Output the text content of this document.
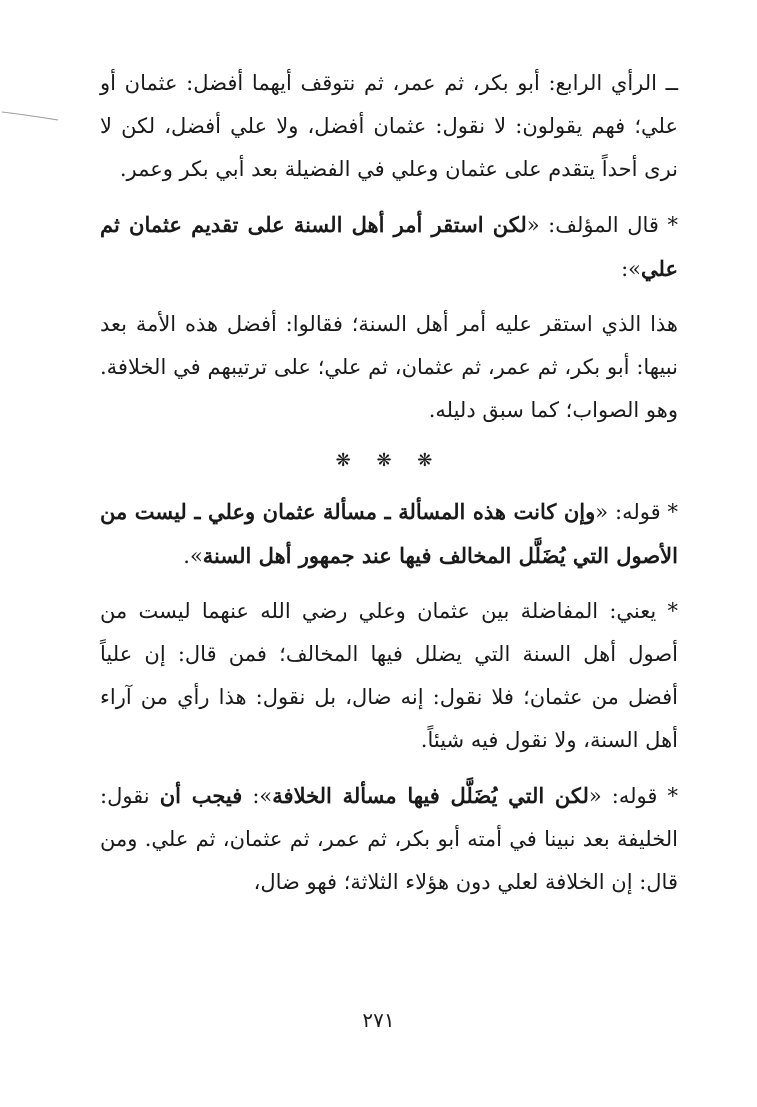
ــ الرأي الرابع: أبو بكر، ثم عمر، ثم نتوقف أيهما أفضل: عثمان أو علي؛ فهم يقولون: لا نقول: عثمان أفضل، ولا علي أفضل، لكن لا نرى أحداً يتقدم على عثمان وعلي في الفضيلة بعد أبي بكر وعمر.

* قال المؤلف: «لكن استقر أمر أهل السنة على تقديم عثمان ثم علي»:

هذا الذي استقر عليه أمر أهل السنة؛ فقالوا: أفضل هذه الأمة بعد نبيها: أبو بكر، ثم عمر، ثم عثمان، ثم علي؛ على ترتيبهم في الخلافة. وهو الصواب؛ كما سبق دليله.

❋ ❋ ❋

* قوله: «وإن كانت هذه المسألة ـ مسألة عثمان وعلي ـ ليست من الأصول التي يُضَلَّل المخالف فيها عند جمهور أهل السنة».

* يعني: المفاضلة بين عثمان وعلي رضي الله عنهما ليست من أصول أهل السنة التي يضلل فيها المخالف؛ فمن قال: إن علياً أفضل من عثمان؛ فلا نقول: إنه ضال، بل نقول: هذا رأي من آراء أهل السنة، ولا نقول فيه شيئاً.

* قوله: «لكن التي يُضَلَّل فيها مسألة الخلافة»: فيجب أن نقول: الخليفة بعد نبينا في أمته أبو بكر، ثم عمر، ثم عثمان، ثم علي. ومن قال: إن الخلافة لعلي دون هؤلاء الثلاثة؛ فهو ضال،

٢٧١
